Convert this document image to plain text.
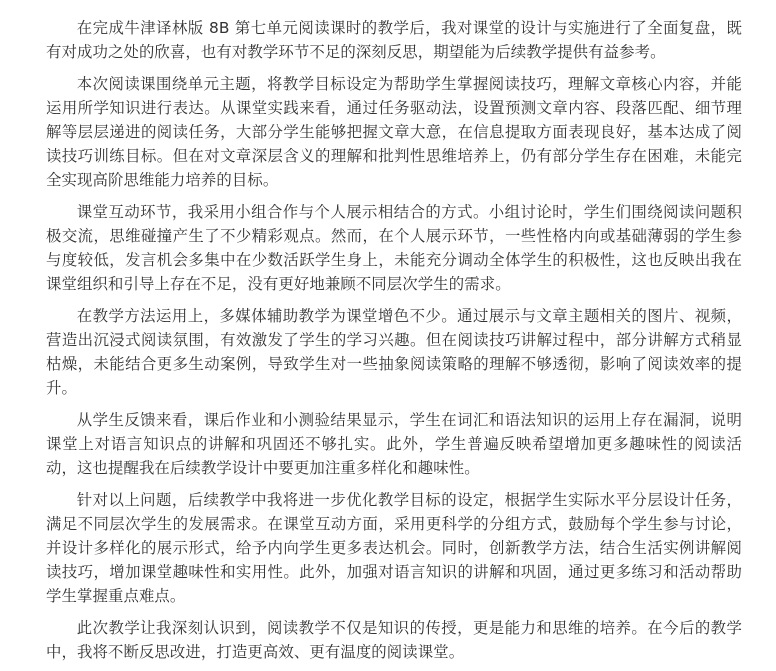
在完成牛津译林版 8B 第七单元阅读课时的教学后，我对课堂的设计与实施进行了全面复盘，既有对成功之处的欣喜，也有对教学环节不足的深刻反思，期望能为后续教学提供有益参考。

本次阅读课围绕单元主题，将教学目标设定为帮助学生掌握阅读技巧，理解文章核心内容，并能运用所学知识进行表达。从课堂实践来看，通过任务驱动法，设置预测文章内容、段落匹配、细节理解等层层递进的阅读任务，大部分学生能够把握文章大意，在信息提取方面表现良好，基本达成了阅读技巧训练目标。但在对文章深层含义的理解和批判性思维培养上，仍有部分学生存在困难，未能完全实现高阶思维能力培养的目标。

课堂互动环节，我采用小组合作与个人展示相结合的方式。小组讨论时，学生们围绕阅读问题积极交流，思维碰撞产生了不少精彩观点。然而，在个人展示环节，一些性格内向或基础薄弱的学生参与度较低，发言机会多集中在少数活跃学生身上，未能充分调动全体学生的积极性，这也反映出我在课堂组织和引导上存在不足，没有更好地兼顾不同层次学生的需求。

在教学方法运用上，多媒体辅助教学为课堂增色不少。通过展示与文章主题相关的图片、视频，营造出沉浸式阅读氛围，有效激发了学生的学习兴趣。但在阅读技巧讲解过程中，部分讲解方式稍显枯燥，未能结合更多生动案例，导致学生对一些抽象阅读策略的理解不够透彻，影响了阅读效率的提升。

从学生反馈来看，课后作业和小测验结果显示，学生在词汇和语法知识的运用上存在漏洞，说明课堂上对语言知识点的讲解和巩固还不够扎实。此外，学生普遍反映希望增加更多趣味性的阅读活动，这也提醒我在后续教学设计中要更加注重多样化和趣味性。

针对以上问题，后续教学中我将进一步优化教学目标的设定，根据学生实际水平分层设计任务，满足不同层次学生的发展需求。在课堂互动方面，采用更科学的分组方式，鼓励每个学生参与讨论，并设计多样化的展示形式，给予内向学生更多表达机会。同时，创新教学方法，结合生活实例讲解阅读技巧，增加课堂趣味性和实用性。此外，加强对语言知识的讲解和巩固，通过更多练习和活动帮助学生掌握重点难点。

此次教学让我深刻认识到，阅读教学不仅是知识的传授，更是能力和思维的培养。在今后的教学中，我将不断反思改进，打造更高效、更有温度的阅读课堂。
